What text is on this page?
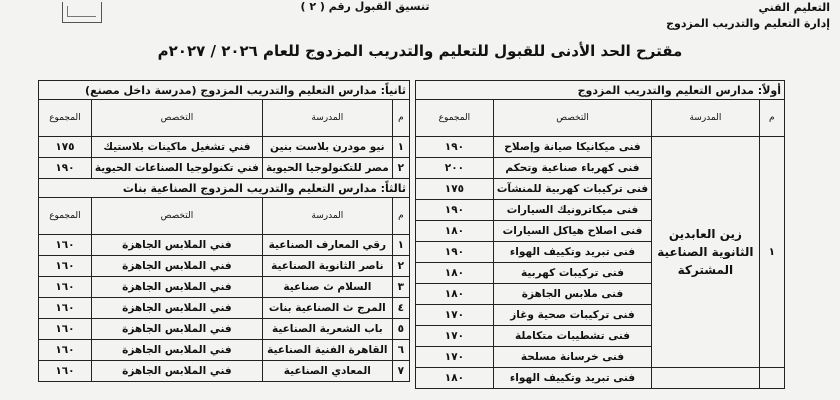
تنسيق القبول رقم ( ٢ )	التعليم الفني
إدارة التعليم والتدريب المزدوج
مقترح الحد الأدنى للقبول للتعليم والتدريب المزدوج للعام ٢٠٢٦ / ٢٠٢٧م
أولاً: مدارس التعليم والتدريب المزدوج			
م	المدرسة	التخصص	المجموع
١	زين العابدين الثانوية الصناعية المشتركة	فنى ميكانيكا صيانة وإصلاح	١٩٠
		فنى كهرباء صناعية وتحكم	٢٠٠
		فنى تركيبات كهربية للمنشآت	١٧٥
		فنى ميكاترونيك السيارات	١٩٠
		فنى اصلاح هياكل السيارات	١٨٠
		فنى تبريد وتكييف الهواء	١٩٠
		فنى تركيبات كهربية	١٨٠
		فنى ملابس الجاهزة	١٨٠
		فنى تركيبات صحية وغاز	١٧٠
		فنى تشطيبات متكاملة	١٧٠
		فنى خرسانة مسلحة	١٧٠
		فنى تبريد وتكييف الهواء	١٨٠
ثانياً: مدارس التعليم والتدريب المزدوج (مدرسة داخل مصنع)			
م	المدرسة	التخصص	المجموع
١	نيو مودرن بلاست بنين	فني تشغيل ماكينات بلاستيك	١٧٥
٢	مصر للتكنولوجيا الحيوية	فني تكنولوجيا الصناعات الحيوية	١٩٠
ثالثاً: مدارس التعليم والتدريب المزدوج الصناعية بنات			
م	المدرسة	التخصص	المجموع
١	رقي المعارف الصناعية	فني الملابس الجاهزة	١٦٠
٢	ناصر الثانوية الصناعية	فني الملابس الجاهزة	١٦٠
٣	السلام ث صناعية	فني الملابس الجاهزة	١٦٠
٤	المرج ث الصناعية بنات	فني الملابس الجاهزة	١٦٠
٥	باب الشعرية الصناعية	فني الملابس الجاهزة	١٦٠
٦	القاهرة الفنية الصناعية	فني الملابس الجاهزة	١٦٠
٧	المعادي الصناعية	فني الملابس الجاهزة	١٦٠
